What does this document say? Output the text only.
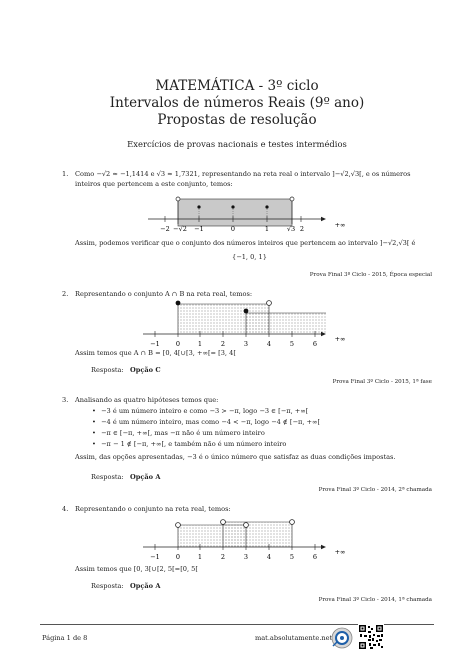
MATEMÁTICA - 3º ciclo
Intervalos de números Reais (9º ano)
Propostas de resolução
Exercícios de provas nacionais e testes intermédios
1. Como −√2 ≈ −1,1414 e √3 ≈ 1,7321, representando na reta real o intervalo ]−√2,√3[, e os números
inteiros que pertencem a este conjunto, temos:
−2 −√2 −1	0	1	√3 2	+∞
Assim, podemos verificar que o conjunto dos números inteiros que pertencem ao intervalo ]−√2,√3[ é
{−1, 0, 1}
Prova Final 3º Ciclo - 2015, Época especial
2. Representando o conjunto A ∩ B na reta real, temos:
−1 0	1	2	3	4	5	6
+∞
Assim temos que A ∩ B = [0, 4[∪[3, +∞[= [3, 4[
Resposta: Opção C
Prova Final 3º Ciclo - 2015, 1ª fase
3. Analisando as quatro hipóteses temos que:
• −3 é um número inteiro e como −3 > −π, logo −3 ∈ [−π, +∞[
• −4 é um número inteiro, mas como −4 < −π, logo −4 ∉ [−π, +∞[
• −π ∈ [−π, +∞[, mas −π não é um número inteiro
• −π − 1 ∉ [−π, +∞[, e também não é um número inteiro
Assim, das opções apresentadas, −3 é o único número que satisfaz as duas condições impostas.
Resposta: Opção A
Prova Final 3º Ciclo - 2014, 2ª chamada
4. Representando o conjunto na reta real, temos:
−1 0	1	2	3	4	5	6
+∞
Assim temos que [0, 3[∪[2, 5[=[0, 5[
Resposta: Opção A
Prova Final 3º Ciclo - 2014, 1ª chamada
Página 1 de 8	mat.absolutamente.net
